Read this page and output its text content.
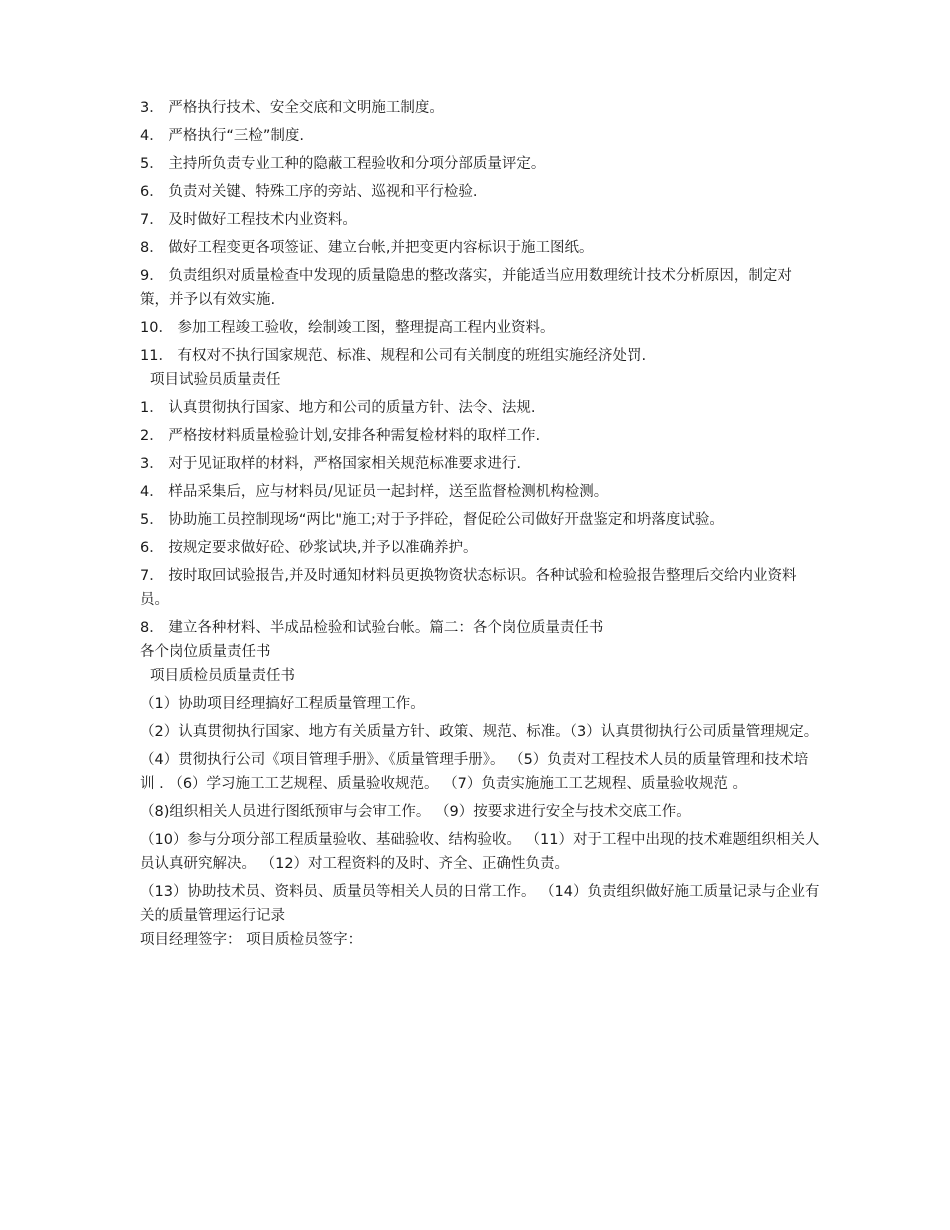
3． 严格执行技术、安全交底和文明施工制度。

4． 严格执行“三检”制度.

5． 主持所负责专业工种的隐蔽工程验收和分项分部质量评定。

6． 负责对关键、特殊工序的旁站、巡视和平行检验.

7． 及时做好工程技术内业资料。

8． 做好工程变更各项签证、建立台帐,并把变更内容标识于施工图纸。

9． 负责组织对质量检查中发现的质量隐患的整改落实，并能适当应用数理统计技术分析原因，制定对策，并予以有效实施.

10． 参加工程竣工验收，绘制竣工图，整理提高工程内业资料。

11． 有权对不执行国家规范、标准、规程和公司有关制度的班组实施经济处罚.

项目试验员质量责任

1． 认真贯彻执行国家、地方和公司的质量方针、法令、法规.

2． 严格按材料质量检验计划,安排各种需复检材料的取样工作.

3． 对于见证取样的材料，严格国家相关规范标准要求进行.

4． 样品采集后，应与材料员/见证员一起封样，送至监督检测机构检测。

5． 协助施工员控制现场“两比"施工;对于予拌砼，督促砼公司做好开盘鉴定和坍落度试验。

6． 按规定要求做好砼、砂浆试块,并予以准确养护。

7． 按时取回试验报告,并及时通知材料员更换物资状态标识。各种试验和检验报告整理后交给内业资料员。

8． 建立各种材料、半成品检验和试验台帐。篇二：各个岗位质量责任书

各个岗位质量责任书

项目质检员质量责任书

（1）协助项目经理搞好工程质量管理工作。

（2）认真贯彻执行国家、地方有关质量方针、政策、规范、标准。（3）认真贯彻执行公司质量管理规定。

（4）贯彻执行公司《项目管理手册》、《质量管理手册》。 （5）负责对工程技术人员的质量管理和技术培训 . （6）学习施工工艺规程、质量验收规范。 （7）负责实施施工工艺规程、质量验收规范 。

（8)组织相关人员进行图纸预审与会审工作。 （9）按要求进行安全与技术交底工作。

（10）参与分项分部工程质量验收、基础验收、结构验收。 （11）对于工程中出现的技术难题组织相关人员认真研究解决。 （12）对工程资料的及时、齐全、正确性负责。

（13）协助技术员、资料员、质量员等相关人员的日常工作。 （14）负责组织做好施工质量记录与企业有关的质量管理运行记录

项目经理签字： 项目质检员签字：
